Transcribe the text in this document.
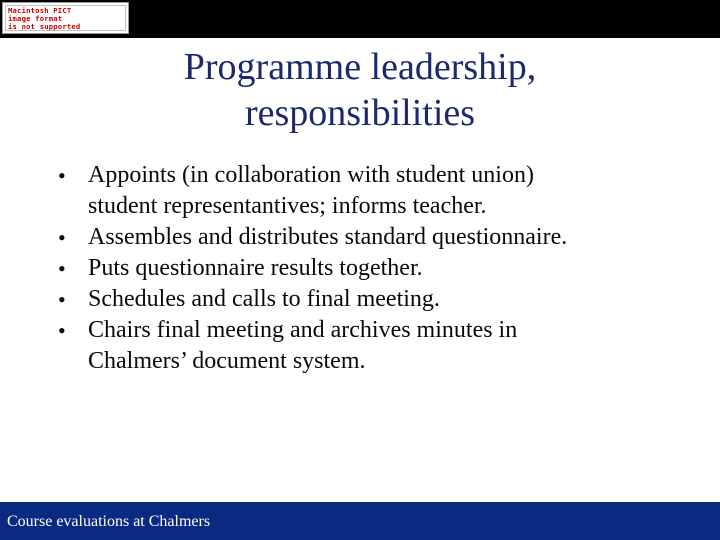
Macintosh PICT
image format
is not supported
Programme leadership,
responsibilities
• Appoints (in collaboration with student union)
student representantives; informs teacher.
• Assembles and distributes standard questionnaire.
• Puts questionnaire results together.
• Schedules and calls to final meeting.
• Chairs final meeting and archives minutes in
Chalmers’ document system.
Course evaluations at Chalmers
